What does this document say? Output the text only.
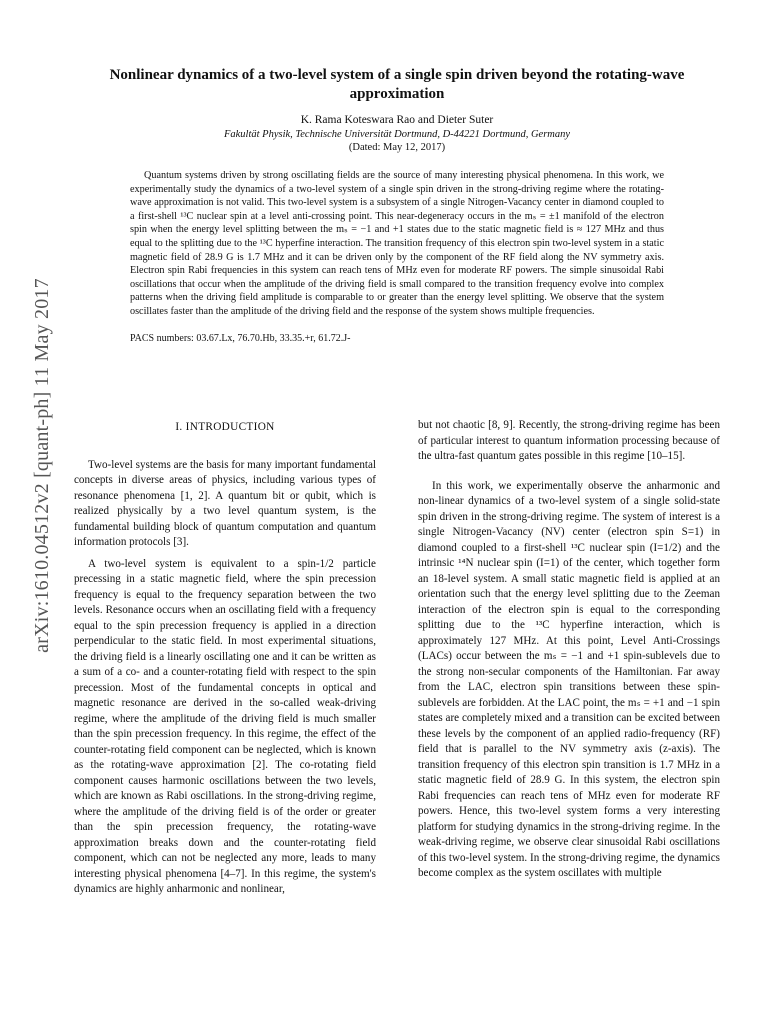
arXiv:1610.04512v2 [quant-ph] 11 May 2017
Nonlinear dynamics of a two-level system of a single spin driven beyond the rotating-wave approximation
K. Rama Koteswara Rao and Dieter Suter
Fakultät Physik, Technische Universität Dortmund, D-44221 Dortmund, Germany
(Dated: May 12, 2017)
Quantum systems driven by strong oscillating fields are the source of many interesting physical phenomena. In this work, we experimentally study the dynamics of a two-level system of a single spin driven in the strong-driving regime where the rotating-wave approximation is not valid. This two-level system is a subsystem of a single Nitrogen-Vacancy center in diamond coupled to a first-shell ¹³C nuclear spin at a level anti-crossing point. This near-degeneracy occurs in the mₛ = ±1 manifold of the electron spin when the energy level splitting between the mₛ = −1 and +1 states due to the static magnetic field is ≈ 127 MHz and thus equal to the splitting due to the ¹³C hyperfine interaction. The transition frequency of this electron spin two-level system in a static magnetic field of 28.9 G is 1.7 MHz and it can be driven only by the component of the RF field along the NV symmetry axis. Electron spin Rabi frequencies in this system can reach tens of MHz even for moderate RF powers. The simple sinusoidal Rabi oscillations that occur when the amplitude of the driving field is small compared to the transition frequency evolve into complex patterns when the driving field amplitude is comparable to or greater than the energy level splitting. We observe that the system oscillates faster than the amplitude of the driving field and the response of the system shows multiple frequencies.
PACS numbers: 03.67.Lx, 76.70.Hb, 33.35.+r, 61.72.J-
I. INTRODUCTION

Two-level systems are the basis for many important fundamental concepts in diverse areas of physics, including various types of resonance phenomena [1, 2]. A quantum bit or qubit, which is realized physically by a two level quantum system, is the fundamental building block of quantum computation and quantum information protocols [3].

A two-level system is equivalent to a spin-1/2 particle precessing in a static magnetic field, where the spin precession frequency is equal to the frequency separation between the two levels. Resonance occurs when an oscillating field with a frequency equal to the spin precession frequency is applied in a direction perpendicular to the static field. In most experimental situations, the driving field is a linearly oscillating one and it can be written as a sum of a co- and a counter-rotating field with respect to the spin precession. Most of the fundamental concepts in optical and magnetic resonance are derived in the so-called weak-driving regime, where the amplitude of the driving field is much smaller than the spin precession frequency. In this regime, the effect of the counter-rotating field component can be neglected, which is known as the rotating-wave approximation [2]. The co-rotating field component causes harmonic oscillations between the two levels, which are known as Rabi oscillations. In the strong-driving regime, where the amplitude of the driving field is of the order or greater than the spin precession frequency, the rotating-wave approximation breaks down and the counter-rotating field component, which can not be neglected any more, leads to many interesting physical phenomena [4–7]. In this regime, the system's dynamics are highly anharmonic and nonlinear,

but not chaotic [8, 9]. Recently, the strong-driving regime has been of particular interest to quantum information processing because of the ultra-fast quantum gates possible in this regime [10–15].

In this work, we experimentally observe the anharmonic and non-linear dynamics of a two-level system of a single solid-state spin driven in the strong-driving regime. The system of interest is a single Nitrogen-Vacancy (NV) center (electron spin S=1) in diamond coupled to a first-shell ¹³C nuclear spin (I=1/2) and the intrinsic ¹⁴N nuclear spin (I=1) of the center, which together form an 18-level system. A small static magnetic field is applied at an orientation such that the energy level splitting due to the Zeeman interaction of the electron spin is equal to the corresponding splitting due to the ¹³C hyperfine interaction, which is approximately 127 MHz. At this point, Level Anti-Crossings (LACs) occur between the mₛ = −1 and +1 spin-sublevels due to the strong non-secular components of the Hamiltonian. Far away from the LAC, electron spin transitions between these spin-sublevels are forbidden. At the LAC point, the mₛ = +1 and −1 spin states are completely mixed and a transition can be excited between these levels by the component of an applied radio-frequency (RF) field that is parallel to the NV symmetry axis (z-axis). The transition frequency of this electron spin transition is 1.7 MHz in a static magnetic field of 28.9 G. In this system, the electron spin Rabi frequencies can reach tens of MHz even for moderate RF powers. Hence, this two-level system forms a very interesting platform for studying dynamics in the strong-driving regime. In the weak-driving regime, we observe clear sinusoidal Rabi oscillations of this two-level system. In the strong-driving regime, the dynamics become complex as the system oscillates with multiple
